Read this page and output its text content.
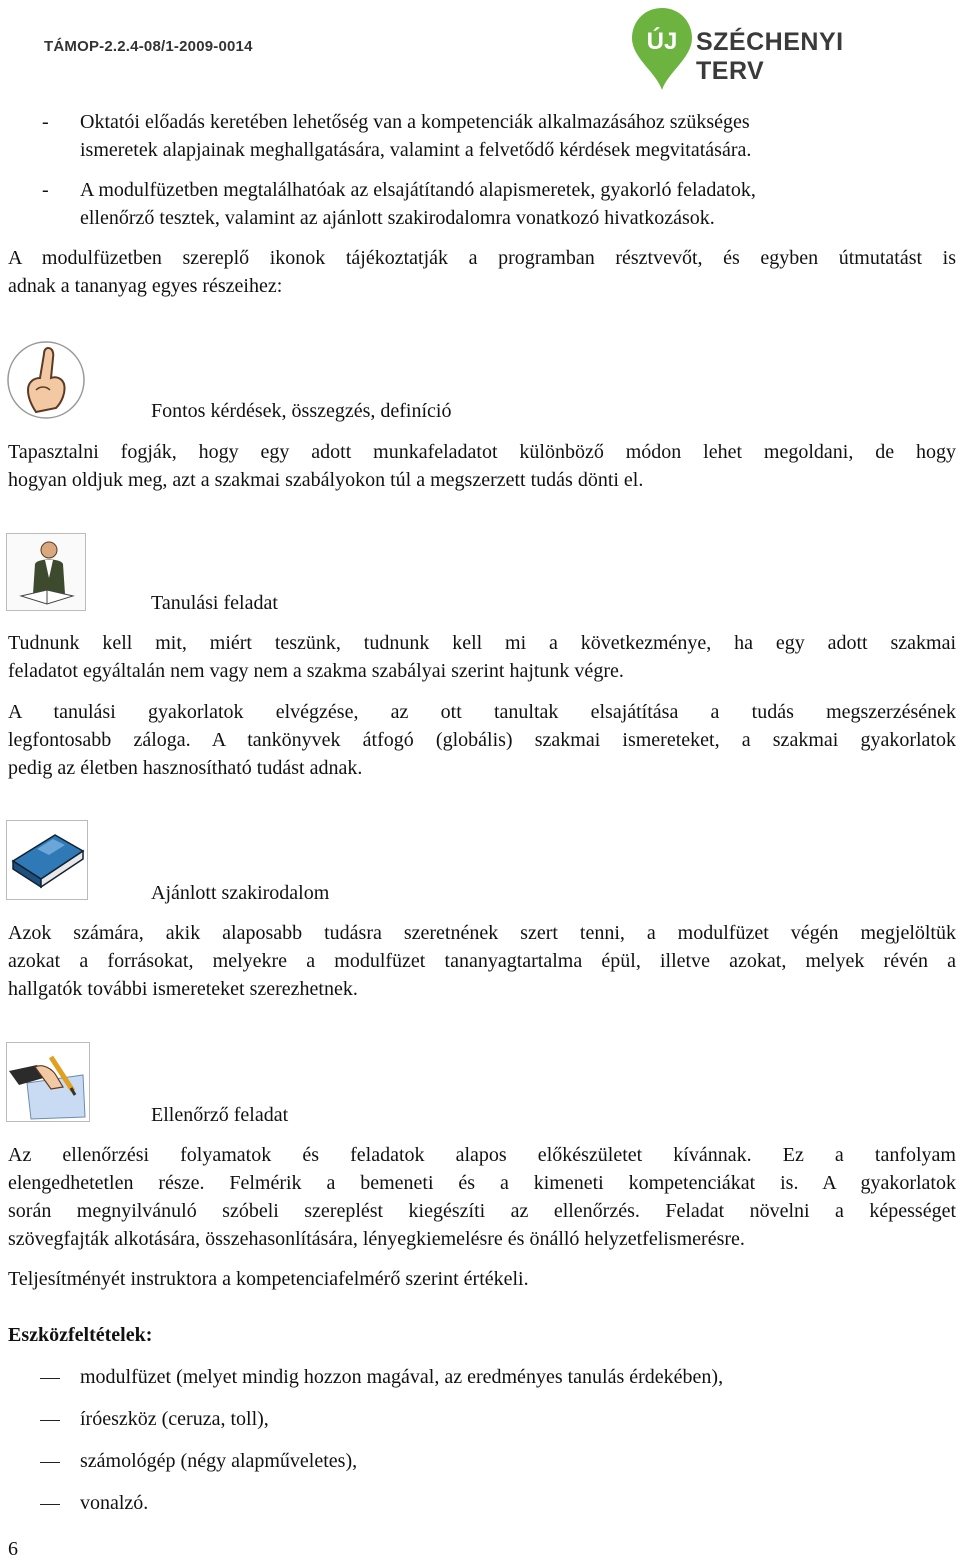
TÁMOP-2.2.4-08/1-2009-0014	ÚJ SZÉCHENYI TERV
- Oktatói előadás keretében lehetőség van a kompetenciák alkalmazásához szükséges
ismeretek alapjainak meghallgatására, valamint a felvetődő kérdések megvitatására.
- A modulfüzetben megtalálhatóak az elsajátítandó alapismeretek, gyakorló feladatok,
ellenőrző tesztek, valamint az ajánlott szakirodalomra vonatkozó hivatkozások.
A modulfüzetben szereplő ikonok tájékoztatják a programban résztvevőt, és egyben útmutatást is
adnak a tananyag egyes részeihez:
Fontos kérdések, összegzés, definíció
Tapasztalni fogják, hogy egy adott munkafeladatot különböző módon lehet megoldani, de hogy
hogyan oldjuk meg, azt a szakmai szabályokon túl a megszerzett tudás dönti el.
Tanulási feladat
Tudnunk kell mit, miért teszünk, tudnunk kell mi a következménye, ha egy adott szakmai
feladatot egyáltalán nem vagy nem a szakma szabályai szerint hajtunk végre.
A tanulási gyakorlatok elvégzése, az ott tanultak elsajátítása a tudás megszerzésének
legfontosabb záloga. A tankönyvek átfogó (globális) szakmai ismereteket, a szakmai gyakorlatok
pedig az életben hasznosítható tudást adnak.
Ajánlott szakirodalom
Azok számára, akik alaposabb tudásra szeretnének szert tenni, a modulfüzet végén megjelöltük
azokat a forrásokat, melyekre a modulfüzet tananyagtartalma épül, illetve azokat, melyek révén a
hallgatók további ismereteket szerezhetnek.
Ellenőrző feladat
Az ellenőrzési folyamatok és feladatok alapos előkészületet kívánnak. Ez a tanfolyam
elengedhetetlen része. Felmérik a bemeneti és a kimeneti kompetenciákat is. A gyakorlatok
során megnyilvánuló szóbeli szereplést kiegészíti az ellenőrzés. Feladat növelni a képességet
szövegfajták alkotására, összehasonlítására, lényegkiemelésre és önálló helyzetfelismerésre.
Teljesítményét instruktora a kompetenciafelmérő szerint értékeli.
Eszközfeltételek:
modulfüzet (melyet mindig hozzon magával, az eredményes tanulás érdekében),
íróeszköz (ceruza, toll),
számológép (négy alapműveletes),
vonalzó.
6
